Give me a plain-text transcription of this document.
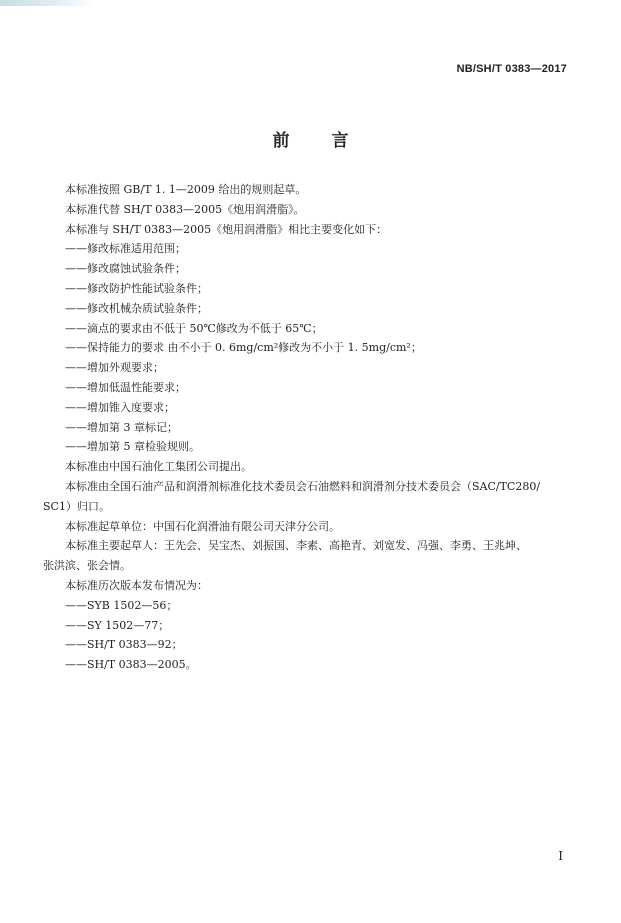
NB/SH/T 0383—2017
前言
本标准按照 GB/T 1. 1—2009 给出的规则起草。
本标准代替 SH/T 0383—2005《炮用润滑脂》。
本标准与 SH/T 0383—2005《炮用润滑脂》相比主要变化如下：
——修改标准适用范围；
——修改腐蚀试验条件；
——修改防护性能试验条件；
——修改机械杂质试验条件；
——滴点的要求由不低于 50℃修改为不低于 65℃；
——保持能力的要求 由不小于 0. 6mg/cm²修改为不小于 1. 5mg/cm²；
——增加外观要求；
——增加低温性能要求；
——增加锥入度要求；
——增加第 3 章标记；
——增加第 5 章检验规则。
本标准由中国石油化工集团公司提出。
本标准由全国石油产品和润滑剂标准化技术委员会石油燃料和润滑剂分技术委员会（SAC/TC280/
SC1）归口。
本标准起草单位：中国石化润滑油有限公司天津分公司。
本标准主要起草人：王先会、吴宝杰、刘振国、李素、高艳青、刘宽发、冯强、李勇、王兆坤、
张洪滨、张会情。
本标准历次版本发布情况为：
——SYB 1502—56；
——SY 1502—77；
——SH/T 0383—92；
——SH/T 0383—2005。
I
